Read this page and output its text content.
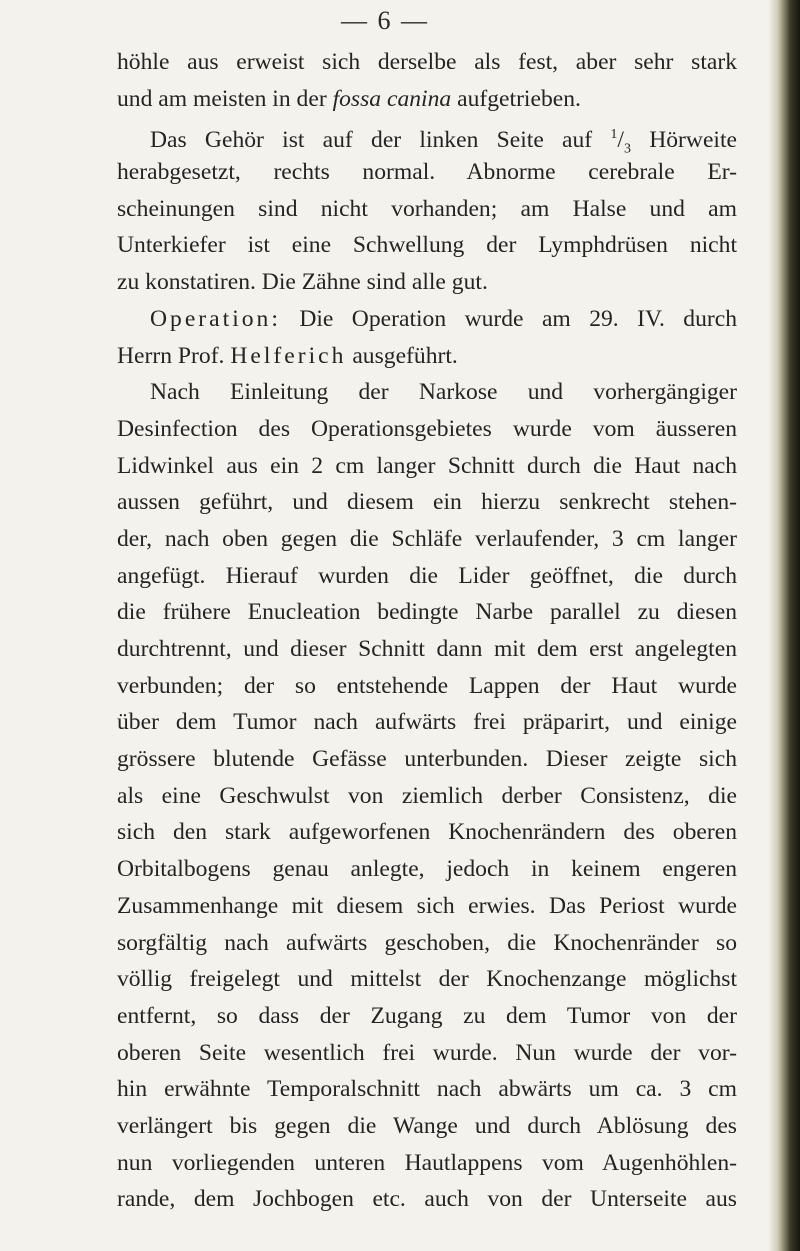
— 6 —
höhle aus erweist sich derselbe als fest, aber sehr stark
und am meisten in der fossa canina aufgetrieben.
Das Gehör ist auf der linken Seite auf $^1/_3$ Hörweite
herabgesetzt, rechts normal. Abnorme cerebrale Er-
scheinungen sind nicht vorhanden; am Halse und am
Unterkiefer ist eine Schwellung der Lymphdrüsen nicht
zu konstatiren. Die Zähne sind alle gut.
Operation: Die Operation wurde am 29. IV. durch
Herrn Prof. Helferich ausgeführt.
Nach Einleitung der Narkose und vorhergängiger
Desinfection des Operationsgebietes wurde vom äusseren
Lidwinkel aus ein 2 cm langer Schnitt durch die Haut nach
aussen geführt, und diesem ein hierzu senkrecht stehen-
der, nach oben gegen die Schläfe verlaufender, 3 cm langer
angefügt. Hierauf wurden die Lider geöffnet, die durch
die frühere Enucleation bedingte Narbe parallel zu diesen
durchtrennt, und dieser Schnitt dann mit dem erst angelegten
verbunden; der so entstehende Lappen der Haut wurde
über dem Tumor nach aufwärts frei präparirt, und einige
grössere blutende Gefässe unterbunden. Dieser zeigte sich
als eine Geschwulst von ziemlich derber Consistenz, die
sich den stark aufgeworfenen Knochenrändern des oberen
Orbitalbogens genau anlegte, jedoch in keinem engeren
Zusammenhange mit diesem sich erwies. Das Periost wurde
sorgfältig nach aufwärts geschoben, die Knochenränder so
völlig freigelegt und mittelst der Knochenzange möglichst
entfernt, so dass der Zugang zu dem Tumor von der
oberen Seite wesentlich frei wurde. Nun wurde der vor-
hin erwähnte Temporalschnitt nach abwärts um ca. 3 cm
verlängert bis gegen die Wange und durch Ablösung des
nun vorliegenden unteren Hautlappens vom Augenhöhlen-
rande, dem Jochbogen etc. auch von der Unterseite aus
